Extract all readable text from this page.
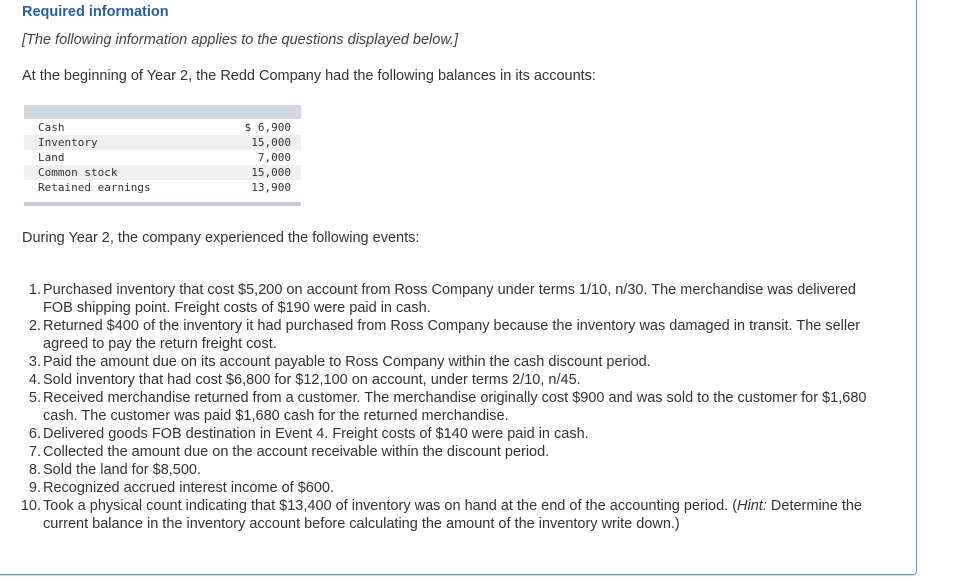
Required information
[The following information applies to the questions displayed below.]
At the beginning of Year 2, the Redd Company had the following balances in its accounts:
Cash	$ 6,900
Inventory	15,000
Land	7,000
Common stock	15,000
Retained earnings	13,900
During Year 2, the company experienced the following events:
1. Purchased inventory that cost $5,200 on account from Ross Company under terms 1/10, n/30. The merchandise was delivered FOB shipping point. Freight costs of $190 were paid in cash.
2. Returned $400 of the inventory it had purchased from Ross Company because the inventory was damaged in transit. The seller agreed to pay the return freight cost.
3. Paid the amount due on its account payable to Ross Company within the cash discount period.
4. Sold inventory that had cost $6,800 for $12,100 on account, under terms 2/10, n/45.
5. Received merchandise returned from a customer. The merchandise originally cost $900 and was sold to the customer for $1,680 cash. The customer was paid $1,680 cash for the returned merchandise.
6. Delivered goods FOB destination in Event 4. Freight costs of $140 were paid in cash.
7. Collected the amount due on the account receivable within the discount period.
8. Sold the land for $8,500.
9. Recognized accrued interest income of $600.
10. Took a physical count indicating that $13,400 of inventory was on hand at the end of the accounting period. (Hint: Determine the current balance in the inventory account before calculating the amount of the inventory write down.)
